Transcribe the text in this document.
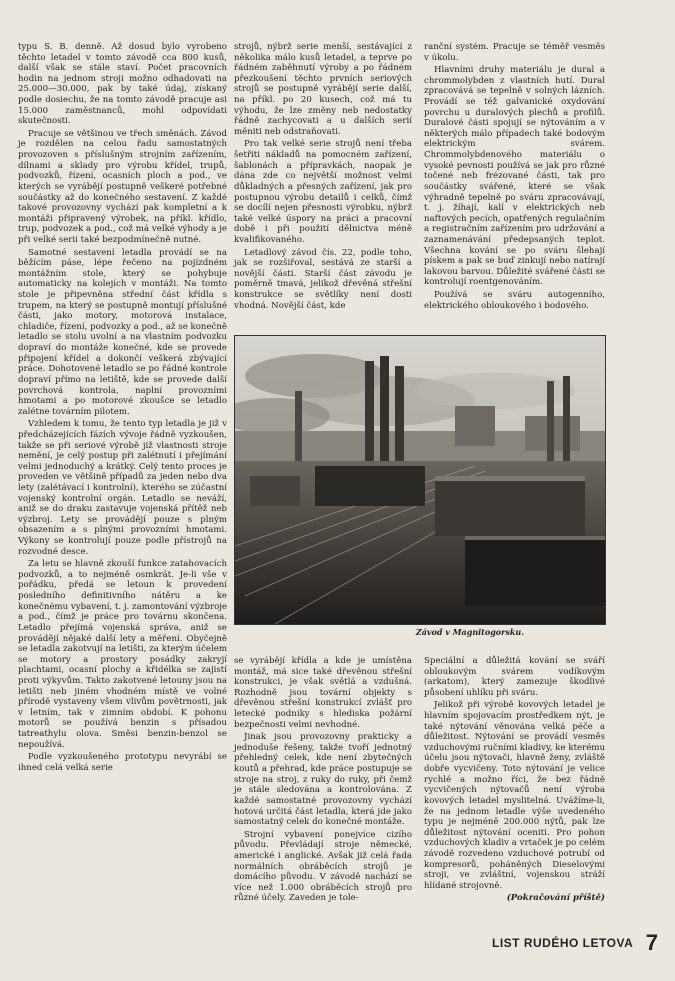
typu S. B. denně. Až dosud bylo vyrobeno těchto letadel v tomto závodě cca 800 kusů, další však se stále staví. Počet pracovních hodin na jednom stroji možno odhadovati na 25.000—30.000, pak by také údaj, získaný podle dosiechu, že na tomto závodě pracuje asi 15.000 zaměstnanců, mohl odpovídati skutečnosti.

Pracuje se většinou ve třech směnách. Závod je rozdělen na celou řadu samostatných provozoven s příslušným strojním zařízením, dílnami a sklady pro výrobu křídel, trupů, podvozků, řízení, ocasních ploch a pod., ve kterých se vyrábějí postupně veškeré potřebné součástky až do konečného sestavení. Z každé takové provozovny vychází pak kompletní a k montáži připravený výrobek, na příkl. křídlo, trup, podvozek a pod., což má velké výhody a je při velké serii také bezpodmínečně nutné.

Samotné sestavení letadla provádí se na běžícím páse, lépe řečeno na pojízdném montážním stole, který se pohybuje automaticky na kolejích v montáži. Na tomto stole je připevněna střední část křídla s trupem, na který se postupně montují příslušné části, jako motory, motorová instalace, chladiče, řízení, podvozky a pod., až se konečně letadlo se stolu uvolní a na vlastním podvozku dopraví do montáže konečné, kde se provede připojení křídel a dokončí veškerá zbývající práce. Dohotovené letadlo se po řádné kontrole dopraví přímo na letiště, kde se provede další povrchová kontrola, naplní provozními hmotami a po motorové zkoušce se letadlo zalétne továrním pilotem.

Vzhledem k tomu, že tento typ letadla je již v předcházejících fázích vývoje řádně vyzkoušen, takže se při seriové výrobě již vlastnosti stroje nemění, je celý postup při zalétnutí i přejímání velmi jednoduchý a krátký. Celý tento proces je proveden ve většině případů za jeden nebo dva lety (zalétávací i kontrolní), kterého se zúčastní vojenský kontrolní orgán. Letadlo se neváží, aniž se do draku zastavuje vojenská přítěž neb výzbroj. Lety se provádějí pouze s plným obsazením a s plnými provozními hmotami. Výkony se kontrolují pouze podle přístrojů na rozvodné desce.

Za letu se hlavně zkouší funkce zatahovacích podvozků, a to nejméně osmkrát. Je-li vše v pořádku, předá se letoun k provedení posledního definitivního nátěru a ke konečnému vybavení, t. j. zamontování výzbroje a pod., čímž je práce pro továrnu skončena. Letadlo přejímá vojenská správa, aniž se provádějí nějaké další lety a měření. Obyčejně se letadla zakotvují na letišti, za kterým účelem se motory a prostory posádky zakryjí plachtami, ocasní plochy a křidélka se zajistí proti výkyvům. Takto zakotvené letouny jsou na letišti neb jiném vhodném místě ve volné přírodě vystaveny všem vlivům povětrnosti, jak v letním, tak v zimním období. K pohonu motorů se používá benzin s přísadou tatreathylu olova. Směsi benzin-benzol se nepoužívá.

Podle vyzkoušeného prototypu nevyrábí se ihned celá velká serie

strojů, nýbrž serie menší, sestávající z několika málo kusů letadel, a teprve po řádném zaběhnutí výroby a po řádném přezkoušení těchto prvních seriových strojů se postupně vyrábějí serie další, na příkl. po 20 kusech, což má tu výhodu, že lze změny neb nedostatky řádně zachycovati a u dalších serií měniti neb odstraňovati.

Pro tak velké serie strojů není třeba šetřiti nákladů na pomocném zařízení, šablonách a přípravkách, naopak je dána zde co největší možnost velmi důkladných a přesných zařízení, jak pro postupnou výrobu detailů i celků, čímž se docílí nejen přesnosti výrobku, nýbrž také velké úspory na práci a pracovní době i při použití dělnictva méně kvalifikovaného.

Letadlový závod čís. 22, podle toho, jak se rozšiřoval, sestává ze starší a novější části. Starší část závodu je poměrně tmavá, jelikož dřevěná střešní konstrukce se světlíky není dosti vhodná. Novější část, kde

ranční systém. Pracuje se téměř vesměs v úkolu.

Hlavními druhy materiálu je dural a chrommolybden z vlastních hutí. Dural zpracovává se tepelně v solných lázních. Provádí se též galvanické oxydování povrchu u duralových plechů a profilů. Duralové části spojují se nýtováním a v některých málo případech také bodovým elektrickým svárem. Chrommolybdenového materiálu o vysoké pevnosti používá se jak pro různé točené neb frézované části, tak pro součástky svářené, které se však výhradně tepelně po sváru zpracovávají, t. j. žíhají, kalí v elektrických neb naftových pecích, opatřených regulačním a registračním zařízením pro udržování a zaznamenávání předepsaných teplot. Všechna kování se po sváru šlehají pískem a pak se buď zinkují nebo natírají lakovou barvou. Důležité svářené části se kontrolují roentgenováním.

Používá se sváru autogenního, elektrického obloukového i bodového.

Závod v Magnitogorsku.

se vyrábějí křídla a kde je umístěna montáž, má sice také dřevěnou střešní konstrukci, je však světlá a vzdušná. Rozhodně jsou tovární objekty s dřevěnou střešní konstrukcí zvlášť pro letecké podniky s hlediska požární bezpečnosti velmi nevhodné.

Jinak jsou provozovny prakticky a jednoduše řešeny, takže tvoří jednotný přehledný celek, kde není zbytečných koutů a přehrad, kde práce postupuje se stroje na stroj, z ruky do ruky, při čemž je stále sledována a kontrolována. Z každé samostatné provozovny vychází hotová určitá část letadla, která jde jako samostatný celek do konečné montáže.

Strojní vybavení ponejvíce cizího původu. Převládají stroje německé, americké i anglické. Avšak již celá řada normálních obráběcích strojů je domácího původu. V závodě nachází se více než 1.000 obráběcích strojů pro různé účely. Zaveden je tole-

Speciální a důležitá kování se sváří obloukovým svárem vodíkovým (arkatom), který zamezuje škodlivé působení uhlíku při sváru.

Jelikož při výrobě kovových letadel je hlavním spojovacím prostředkem nýt, je také nýtování věnována velká péče a důležitost. Nýtování se provádí vesměs vzduchovými ručními kladivy, ke kterému účelu jsou nýtovači, hlavně ženy, zvláště dobře vycvičeny. Toto nýtování je velice rychlé a možno říci, že bez řádně vycvičených nýtovačů není výroba kovových letadel myslitelná. Uvážíme-li, že na jednom letadle výše uvedeného typu je nejméně 200.000 nýtů, pak lze důležitost nýtování oceniti. Pro pohon vzduchových kladiv a vrtaček je po celém závodě rozvedeno vzduchové potrubí od kompresorů, poháněných Dieselovými stroji, ve zvláštní, vojenskou stráží hlídané strojovně.

(Pokračování příště)

LIST RUDÉHO LETOVA 7
